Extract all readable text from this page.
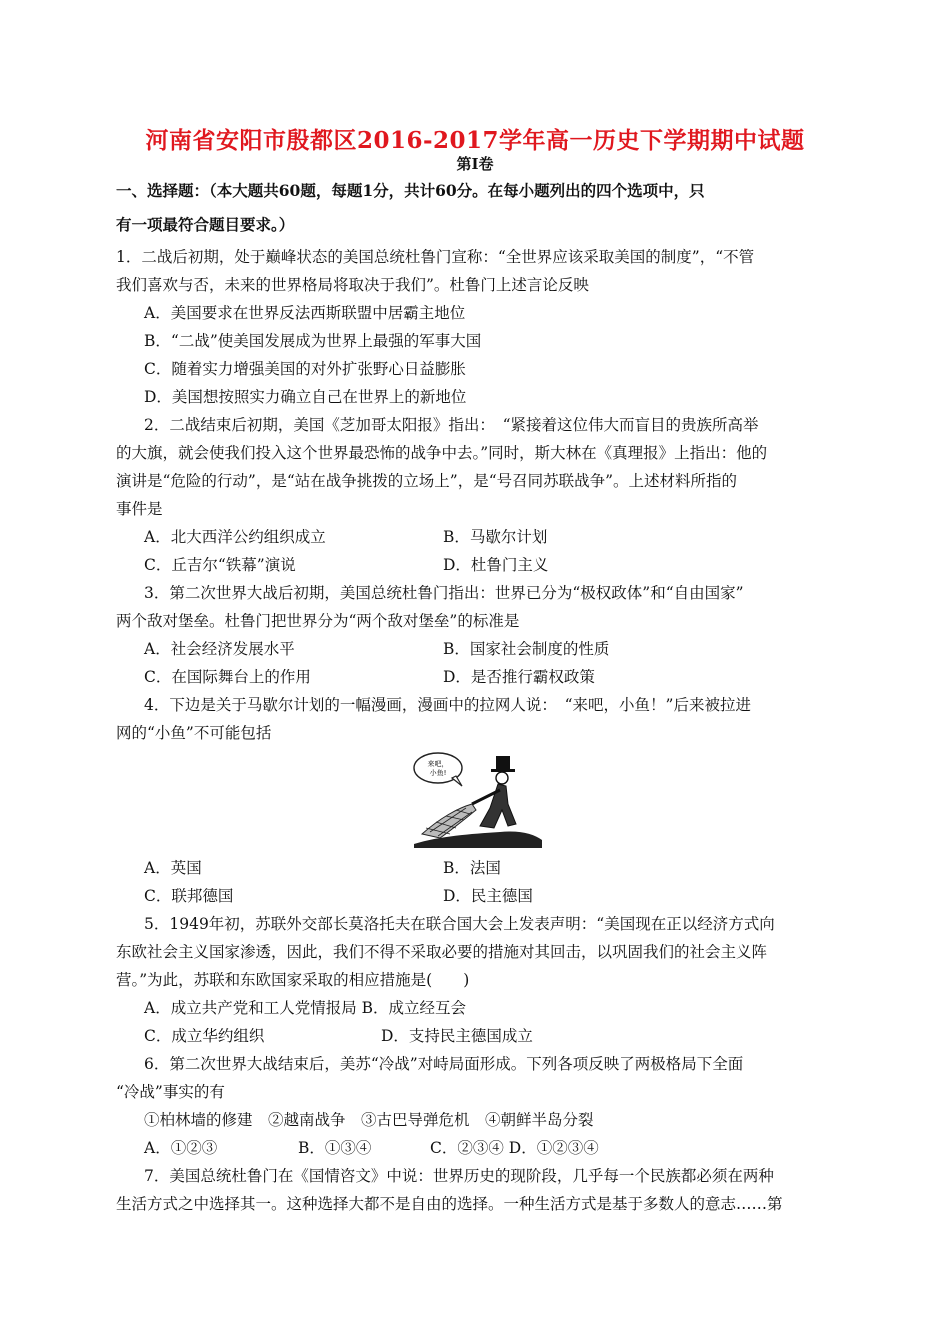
河南省安阳市殷都区2016-2017学年高一历史下学期期中试题
第Ⅰ卷
一、选择题：（本大题共60题，每题1分，共计60分。在每小题列出的四个选项中，只
有一项最符合题目要求。）
1．二战后初期，处于巅峰状态的美国总统杜鲁门宣称：“全世界应该采取美国的制度”，“不管
我们喜欢与否，未来的世界格局将取决于我们”。杜鲁门上述言论反映
A．美国要求在世界反法西斯联盟中居霸主地位
B．“二战”使美国发展成为世界上最强的军事大国
C．随着实力增强美国的对外扩张野心日益膨胀
D．美国想按照实力确立自己在世界上的新地位
2．二战结束后初期，美国《芝加哥太阳报》指出：　“紧接着这位伟大而盲目的贵族所高举
的大旗，就会使我们投入这个世界最恐怖的战争中去。”同时，斯大林在《真理报》上指出：他的
演讲是“危险的行动”，是“站在战争挑拨的立场上”，是“号召同苏联战争”。上述材料所指的
事件是
A．北大西洋公约组织成立	B．马歇尔计划
C．丘吉尔“铁幕”演说	D．杜鲁门主义
3．第二次世界大战后初期，美国总统杜鲁门指出：世界已分为“极权政体”和“自由国家”
两个敌对堡垒。杜鲁门把世界分为“两个敌对堡垒”的标准是
A．社会经济发展水平	B．国家社会制度的性质
C．在国际舞台上的作用	D．是否推行霸权政策
4．下边是关于马歇尔计划的一幅漫画，漫画中的拉网人说：　“来吧，小鱼！”后来被拉进
网的“小鱼”不可能包括
来吧，
小鱼!
A．英国	B．法国
C．联邦德国	D．民主德国
5．1949年初，苏联外交部长莫洛托夫在联合国大会上发表声明：“美国现在正以经济方式向
东欧社会主义国家渗透，因此，我们不得不采取必要的措施对其回击，以巩固我们的社会主义阵
营。”为此，苏联和东欧国家采取的相应措施是(　　)
A．成立共产党和工人党情报局 B．成立经互会
C．成立华约组织	D．支持民主德国成立
6．第二次世界大战结束后，美苏“冷战”对峙局面形成。下列各项反映了两极格局下全面
“冷战”事实的有
①柏林墙的修建　②越南战争　③古巴导弹危机　④朝鲜半岛分裂
A．①②③	B．①③④	C．②③④ D．①②③④
7．美国总统杜鲁门在《国情咨文》中说：世界历史的现阶段，几乎每一个民族都必须在两种
生活方式之中选择其一。这种选择大都不是自由的选择。一种生活方式是基于多数人的意志……第
